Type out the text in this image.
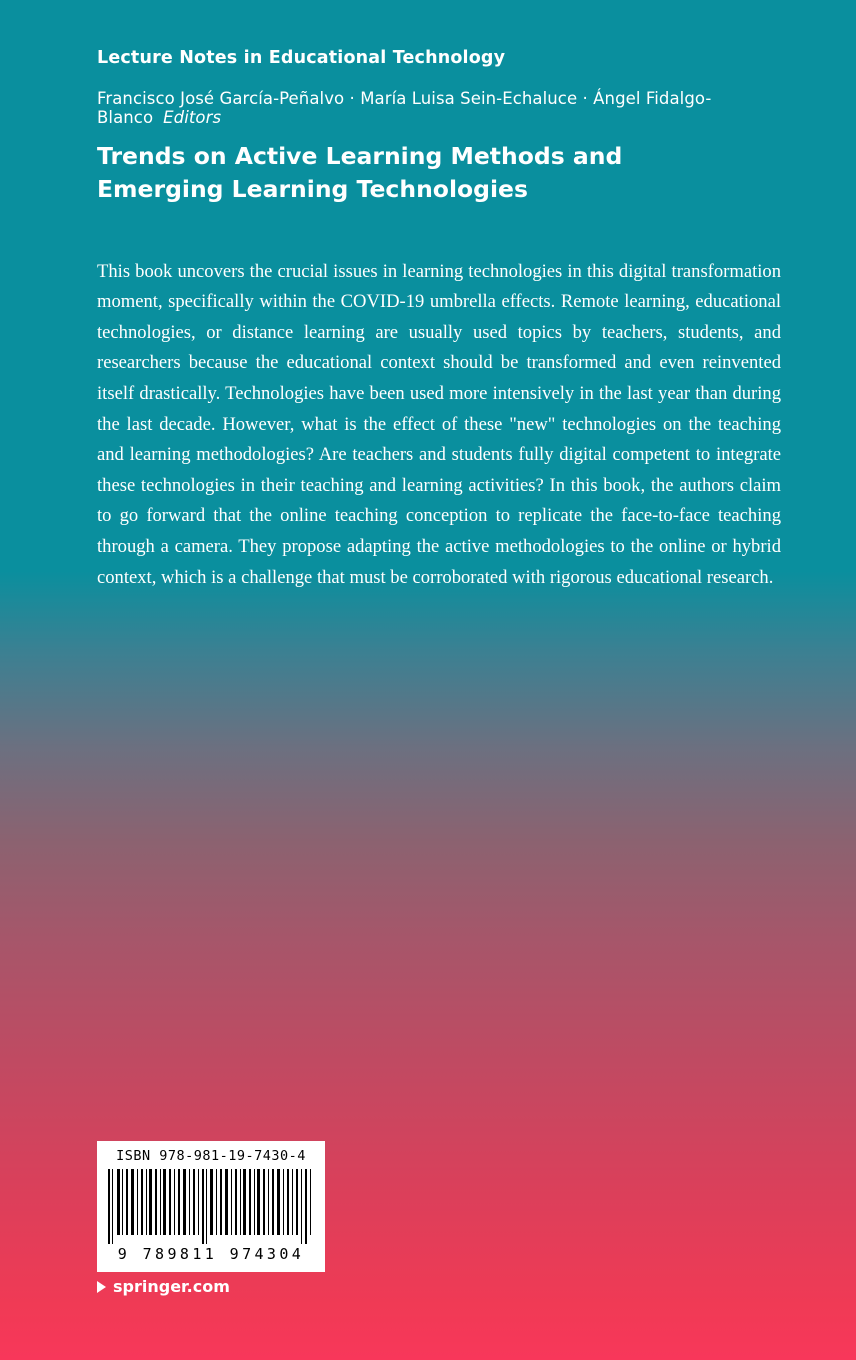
Lecture Notes in Educational Technology
Francisco José García-Peñalvo · María Luisa Sein-Echaluce · Ángel Fidalgo-Blanco Editors
Trends on Active Learning Methods and Emerging Learning Technologies
This book uncovers the crucial issues in learning technologies in this digital transformation moment, specifically within the COVID-19 umbrella effects. Remote learning, educational technologies, or distance learning are usually used topics by teachers, students, and researchers because the educational context should be transformed and even reinvented itself drastically. Technologies have been used more intensively in the last year than during the last decade. However, what is the effect of these "new" technologies on the teaching and learning methodologies? Are teachers and students fully digital competent to integrate these technologies in their teaching and learning activities? In this book, the authors claim to go forward that the online teaching conception to replicate the face-to-face teaching through a camera. They propose adapting the active methodologies to the online or hybrid context, which is a challenge that must be corroborated with rigorous educational research.
ISBN 978-981-19-7430-4
9 789811 974304
springer.com
